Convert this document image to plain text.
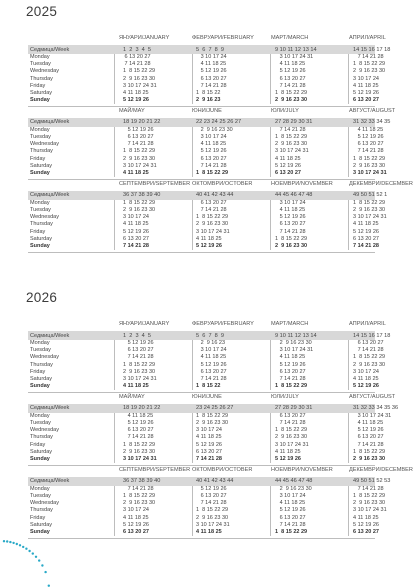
2025
ЯНУАРИ/JANUARY	ФЕВРУАРИ/FEBRUARY	МАРТ/MARCH	АПРИЛ/APRIL
Седмица/Week	1  2  3  4  5	5  6  7  8  9	9 10 11 12 13 14	14 15 16 17 18
Monday	6 13 20 27	3 10 17 24	3 10 17 24 31	7 14 21 28
Tuesday	7 14 21 28	4 11 18 25	4 11 18 25	1  8 15 22 29
Wednesday	1  8 15 22 29	5 12 19 26	5 12 19 26	2  9 16 23 30
Thursday	2  9 16 23 30	6 13 20 27	6 13 20 27	3 10 17 24
Friday	3 10 17 24 31	7 14 21 28	7 14 21 28	4 11 18 25
Saturday	4 11 18 25	1  8 15 22	1  8 15 22 29	5 12 19 26
Sunday	5 12 19 26	2  9 16 23	2  9 16 23 30	6 13 20 27
МАЙ/MAY	ЮНИ/JUNE	ЮЛИ/JULY	АВГУСТ/AUGUST
Седмица/Week	18 19 20 21 22	22 23 24 25 26 27	27 28 29 30 31	31 32 33 34 35
Monday	5 12 19 26	2  9 16 23 30	7 14 21 28	4 11 18 25
Tuesday	6 13 20 27	3 10 17 24	1  8 15 22 29	5 12 19 26
Wednesday	7 14 21 28	4 11 18 25	2  9 16 23 30	6 13 20 27
Thursday	1  8 15 22 29	5 12 19 26	3 10 17 24 31	7 14 21 28
Friday	2  9 16 23 30	6 13 20 27	4 11 18 25	1  8 15 22 29
Saturday	3 10 17 24 31	7 14 21 28	5 12 19 26	2  9 16 23 30
Sunday	4 11 18 25	1  8 15 22 29	6 13 20 27	3 10 17 24 31
СЕПТЕМВРИ/SEPTEMBER ОКТОМВРИ/OCTOBER	НОЕМВРИ/NOVEMBER	ДЕКЕМВРИ/DECEMBER
Седмица/Week	36 37 38 39 40	40 41 42 43 44	44 45 46 47 48	49 50 51 52 1
Monday	1  8 15 22 29	6 13 20 27	3 10 17 24	1  8 15 22 29
Tuesday	2  9 16 23 30	7 14 21 28	4 11 18 25	2  9 16 23 30
Wednesday	3 10 17 24	1  8 15 22 29	5 12 19 26	3 10 17 24 31
Thursday	4 11 18 25	2  9 16 23 30	6 13 20 27	4 11 18 25
Friday	5 12 19 26	3 10 17 24 31	7 14 21 28	5 12 19 26
Saturday	6 13 20 27	4 11 18 25	1  8 15 22 29	6 13 20 27
Sunday	7 14 21 28	5 12 19 26	2  9 16 23 30	7 14 21 28
2026
ЯНУАРИ/JANUARY	ФЕВРУАРИ/FEBRUARY	МАРТ/MARCH	АПРИЛ/APRIL
Седмица/Week	1  2  3  4  5	5  6  7  8  9	9 10 11 12 13 14	14 15 16 17 18
Monday	5 12 19 26	2  9 16 23	2  9 16 23 30	6 13 20 27
Tuesday	6 13 20 27	3 10 17 24	3 10 17 24 31	7 14 21 28
Wednesday	7 14 21 28	4 11 18 25	4 11 18 25	1  8 15 22 29
Thursday	1  8 15 22 29	5 12 19 26	5 12 19 26	2  9 16 23 30
Friday	2  9 16 23 30	6 13 20 27	6 13 20 27	3 10 17 24
Saturday	3 10 17 24 31	7 14 21 28	7 14 21 28	4 11 18 25
Sunday	4 11 18 25	1  8 15 22	1  8 15 22 29	5 12 19 26
МАЙ/MAY	ЮНИ/JUNE	ЮЛИ/JULY	АВГУСТ/AUGUST
Седмица/Week	18 19 20 21 22	23 24 25 26 27	27 28 29 30 31	31 32 33 34 35 36
Monday	4 11 18 25	1  8 15 22 29	6 13 20 27	3 10 17 24 31
Tuesday	5 12 19 26	2  9 16 23 30	7 14 21 28	4 11 18 25
Wednesday	6 13 20 27	3 10 17 24	1  8 15 22 29	5 12 19 26
Thursday	7 14 21 28	4 11 18 25	2  9 16 23 30	6 13 20 27
Friday	1  8 15 22 29	5 12 19 26	3 10 17 24 31	7 14 21 28
Saturday	2  9 16 23 30	6 13 20 27	4 11 18 25	1  8 15 22 29
Sunday	3 10 17 24 31	7 14 21 28	5 12 19 26	2  9 16 23 30
СЕПТЕМВРИ/SEPTEMBER ОКТОМВРИ/OCTOBER	НОЕМВРИ/NOVEMBER	ДЕКЕМВРИ/DECEMBER
Седмица/Week	36 37 38 39 40	40 41 42 43 44	44 45 46 47 48	49 50 51 52 53
Monday	7 14 21 28	5 12 19 26	2  9 16 23 30	7 14 21 28
Tuesday	1  8 15 22 29	6 13 20 27	3 10 17 24	1  8 15 22 29
Wednesday	2  9 16 23 30	7 14 21 28	4 11 18 25	2  9 16 23 30
Thursday	3 10 17 24	1  8 15 22 29	5 12 19 26	3 10 17 24 31
Friday	4 11 18 25	2  9 16 23 30	6 13 20 27	4 11 18 25
Saturday	5 12 19 26	3 10 17 24 31	7 14 21 28	5 12 19 26
Sunday	6 13 20 27	4 11 18 25	1  8 15 22 29	6 13 20 27
